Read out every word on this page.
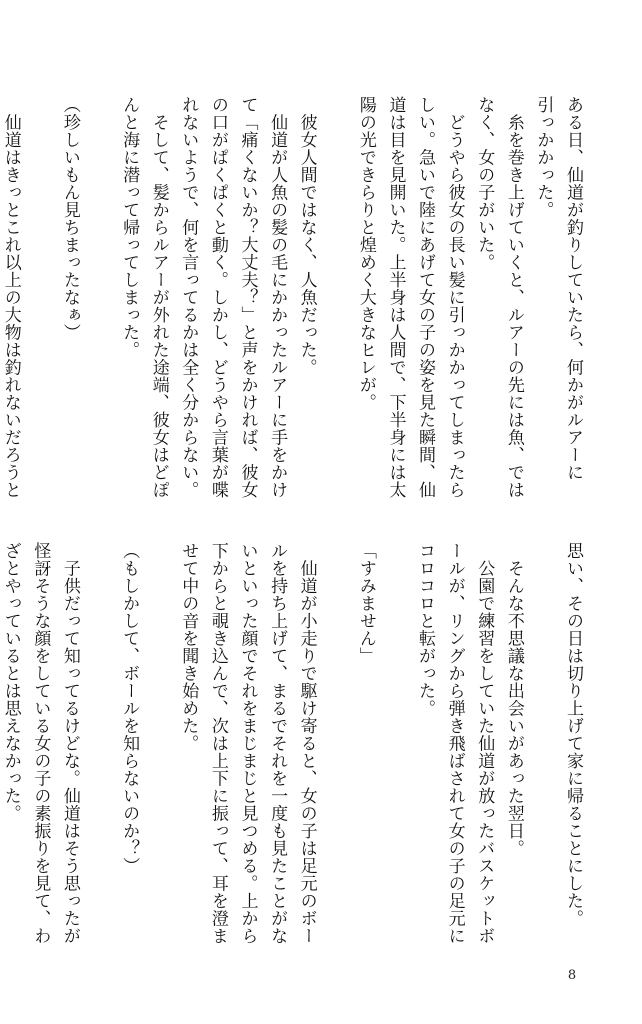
ある日、仙道が釣りしていたら、何かがルアーに
引っかかった。
　糸を巻き上げていくと、ルアーの先には魚、では
なく、女の子がいた。
　どうやら彼女の長い髪に引っかかってしまったら
しい。急いで陸にあげて女の子の姿を見た瞬間、仙
道は目を見開いた。上半身は人間で、下半身には太
陽の光できらりと煌めく大きなヒレが。

　彼女人間ではなく、人魚だった。
　仙道が人魚の髪の毛にかかったルアーに手をかけ
て「痛くないか？大丈夫？」と声をかければ、彼女
の口がぱくぱくと動く。しかし、どうやら言葉が喋
れないようで、何を言ってるかは全く分からない。
　そして、髪からルアーが外れた途端、彼女はどぽ
んと海に潜って帰ってしまった。

（珍しいもん見ちまったなぁ）

　仙道はきっとこれ以上の大物は釣れないだろうと
思い、その日は切り上げて家に帰ることにした。

　そんな不思議な出会いがあった翌日。
　公園で練習をしていた仙道が放ったバスケットボ
ールが、リングから弾き飛ばされて女の子の足元に
コロコロと転がった。

「すみません」

　仙道が小走りで駆け寄ると、女の子は足元のボー
ルを持ち上げて、まるでそれを一度も見たことがな
いといった顔でそれをまじまじと見つめる。上から
下からと覗き込んで、次は上下に振って、耳を澄ま
せて中の音を聞き始めた。

（もしかして、ボールを知らないのか？）

　子供だって知ってるけどな。仙道はそう思ったが
怪訝そうな顔をしている女の子の素振りを見て、わ
ざとやっているとは思えなかった。
8
